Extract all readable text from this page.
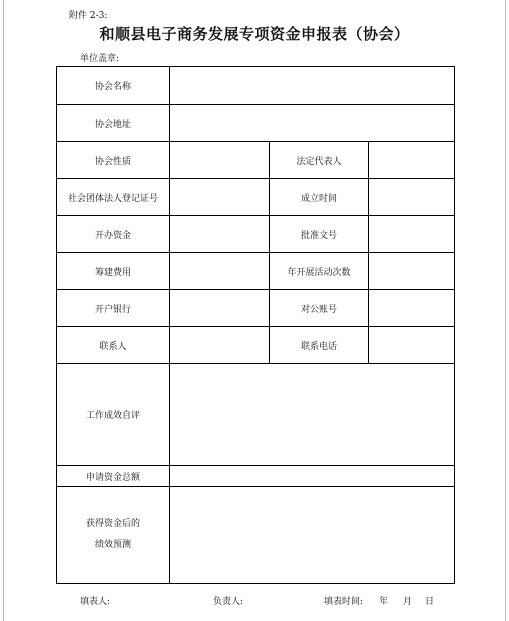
附件 2-3:
和顺县电子商务发展专项资金申报表（协会）
单位盖章:
协会名称			
协会地址			
协会性质		法定代表人	
社会团体法人登记证号		成立时间	
开办资金		批准文号	
筹建费用		年开展活动次数	
开户银行		对公账号	
联系人		联系电话	
工作成效自评			
申请资金总额			

获得资金后的
绩效预测			

填表人:	负责人:	填表时间: 年 月 日
